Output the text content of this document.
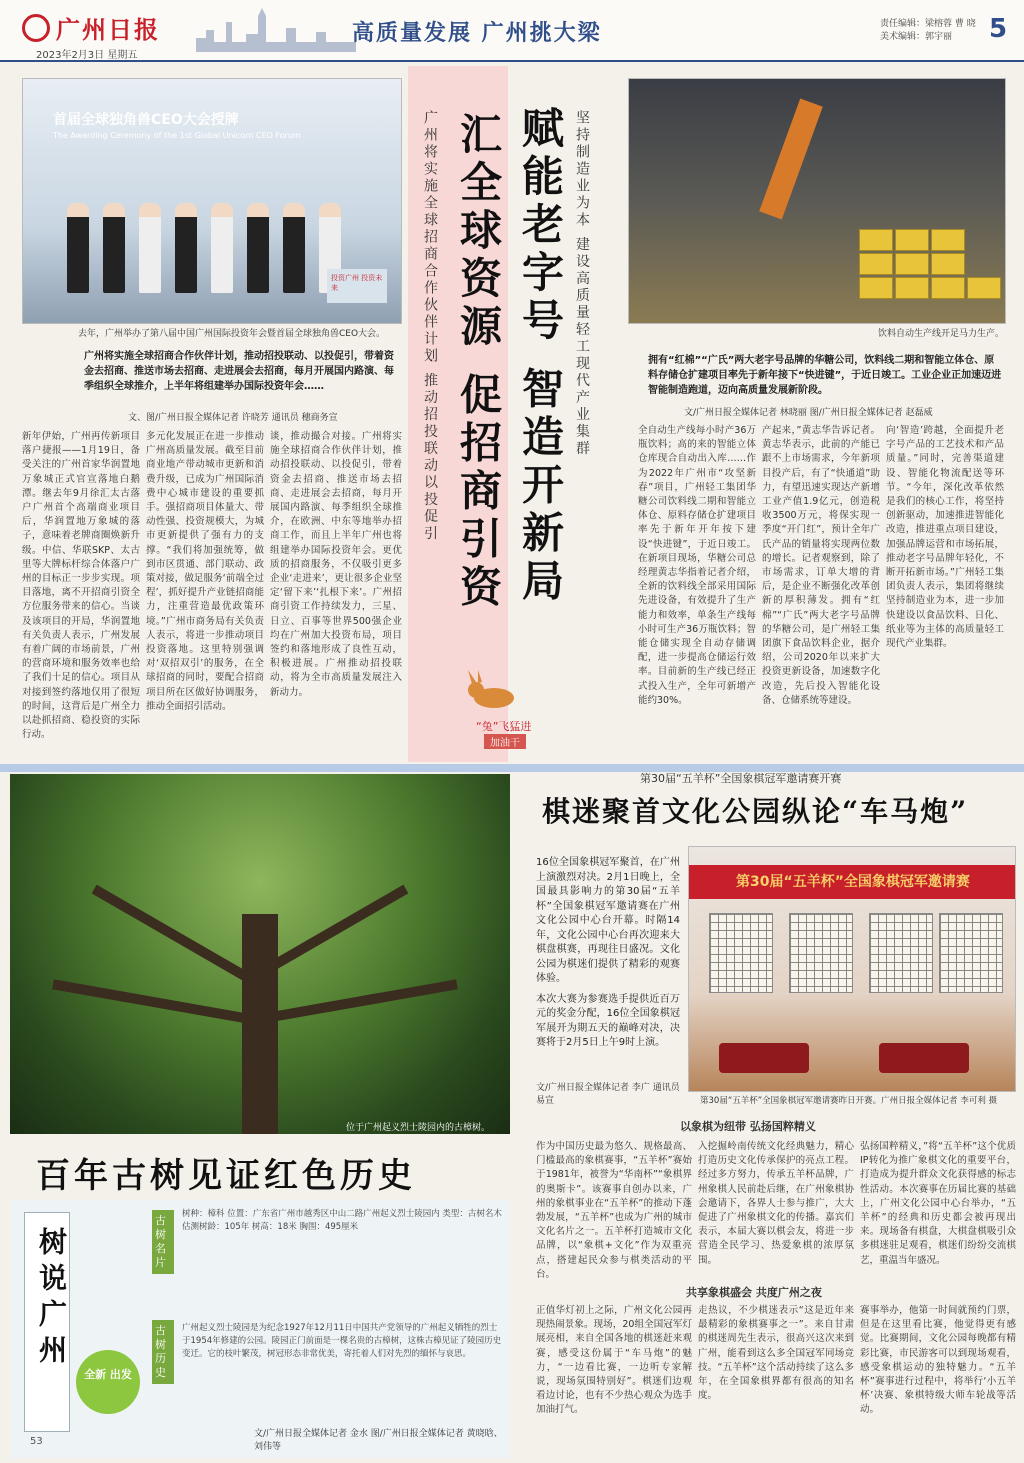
广州日报
2023年2月3日 星期五
高质量发展 广州挑大梁	责任编辑：梁榕蓉 曹 晓
美术编辑：郭宇丽	5
首届全球独角兽CEO大会授牌
The Awarding Ceremony of the 1st Global Unicorn CEO Forum
投资广州 投资未来
去年，广州举办了第八届中国广州国际投资年会暨首届全球独角兽CEO大会。
广州将实施全球招商合作伙伴计划，推动招投联动、以投促引，带着资金去招商、推送市场去招商、走进展会去招商，每月开展国内路演、每季组织全球推介，上半年将组建举办国际投资年会……
文、图/广州日报全媒体记者 许晓芳 通讯员 穗商务宣
新年伊始，广州再传新项目落户捷报——1月19日，备受关注的广州首家华润置地万象城正式官宣落地白鹅潭。继去年9月徐汇太古落户广州首个高端商业项目后，华润置地万象城的落子，意味着老牌商圈焕新升级。中信、华联SKP、太古里等大牌标杆综合体落户广州的目标正一步步实现。项目落地，离不开招商引资全方位服务带来的信心。当谈及该项目的开局，华润置地有关负责人表示，广州发展有着广阔的市场前景，广州的营商环境和服务效率也给了我们十足的信心。项目从对接到签约落地仅用了很短的时间，这背后是广州全力以赴抓招商、稳投资的实际行动。
多元化发展正在进一步推动广州高质量发展。截至目前商业地产带动城市更新和消费升级，已成为广州国际消费中心城市建设的重要抓手。强招商项目体量大、带动性强、投资规模大，为城市更新提供了强有力的支撑。“我们将加强统筹，做到市区贯通、部门联动、政策对接，做足服务‘前端全过程’，抓好提升产业链招商能力，注重营造最优政策环境。”广州市商务局有关负责人表示，将进一步推动项目投资落地。这里特别强调对‘双招双引’的服务，在全球招商的同时，要配合招商项目所在区做好协调服务，推动全面招引活动。
谈，推动撮合对接。广州将实施全球招商合作伙伴计划，推动招投联动、以投促引，带着资金去招商、推送市场去招商、走进展会去招商，每月开展国内路演、每季组织全球推介，在欧洲、中东等地举办招商工作，而且上半年广州也将组建举办国际投资年会。更优质的招商服务，不仅吸引更多企业‘走进来’，更让很多企业坚定‘留下来’‘扎根下来’。广州招商引资工作持续发力，三星、日立、百事等世界500强企业均在广州加大投资布局，项目签约和落地形成了良性互动，积极进展。广州推动招投联动，将为全市高质量发展注入新动力。
广州将实施全球招商合作伙伴计划 推动招投联动以投促引 汇全球资源 促招商引资 赋能老字号 智造开新局 坚持制造业为本 建设高质量轻工现代产业集群
“兔”飞猛进
加油干
饮料自动生产线开足马力生产。
拥有“红棉”“广氏”两大老字号品牌的华糖公司，饮料线二期和智能立体仓、原料存储仓扩建项目率先于新年接下“快进键”，于近日竣工。工业企业正加速迈进智能制造跑道，迈向高质量发展新阶段。
文/广州日报全媒体记者 林晓丽 图/广州日报全媒体记者 赵磊威
全自动生产线每小时产36万瓶饮料；高的来的智能立体仓库现合自动出入库……作为2022年广州市“攻坚新春”项目，广州轻工集团华糖公司饮料线二期和智能立体仓、原料存储仓扩建项目率先于新年开年按下建设“快进键”，于近日竣工。在新项目现场，华糖公司总经理黄志华指着记者介绍，全新的饮料线全部采用国际先进设备，有效提升了生产能力和效率，单条生产线每小时可生产36万瓶饮料；智能仓储实现全自动存储调配，进一步提高仓储运行效率。目前新的生产线已经正式投入生产，全年可新增产能约30%。
产起来，”黄志华告诉记者。黄志华表示，此前的产能已跟不上市场需求，今年新项目投产后，有了“快通道”助力，有望迅速实现达产新增工业产值1.9亿元，创造税收3500万元，将保实现一季度“开门红”，预计全年广氏产品的销量将实现两位数的增长。记者观察到，除了市场需求，订单大增的背后，是企业不断强化改革创新的厚积薄发。拥有“红棉”“广氏”两大老字号品牌的华糖公司，是广州轻工集团旗下食品饮料企业，据介绍，公司2020年以来扩大投资更新设备，加速数字化改造，先后投入智能化设备、仓储系统等建设。
向‘智造’跨越，全面提升老字号产品的工艺技术和产品质量。”同时，完善渠道建设、智能化物流配送等环节。“今年，深化改革依然是我们的核心工作，将坚持创新驱动，加速推进智能化改造，推进重点项目建设，加强品牌运营和市场拓展，推动老字号品牌年轻化，不断开拓新市场。”广州轻工集团负责人表示，集团将继续坚持制造业为本，进一步加快建设以食品饮料、日化、纸业等为主体的高质量轻工现代产业集群。
位于广州起义烈士陵园内的古樟树。
百年古树见证红色历史
树说广州
53
全新 出发
古树名片
古树历史
树种：樟科 位置：广东省广州市越秀区中山二路广州起义烈士陵园内 类型：古树名木 估测树龄：105年 树高：18米 胸围：495厘米
广州起义烈士陵园是为纪念1927年12月11日中国共产党领导的广州起义牺牲的烈士于1954年修建的公园。陵园正门前面是一棵名贵的古樟树，这株古樟见证了陵园历史变迁。它的枝叶繁茂，树冠形态非常优美，寄托着人们对先烈的缅怀与哀思。
文/广州日报全媒体记者 金水 图/广州日报全媒体记者 黄晓晗、刘伟等
第30届“五羊杯”全国象棋冠军邀请赛开赛
棋迷聚首文化公园纵论“车马炮”
16位全国象棋冠军聚首，在广州上演激烈对决。2月1日晚上，全国最具影响力的第30届“五羊杯”全国象棋冠军邀请赛在广州文化公园中心台开幕。时隔14年，文化公园中心台再次迎来大棋盘棋赛，再现往日盛况。文化公园为棋迷们提供了精彩的观赛体验。
本次大赛为参赛选手提供近百万元的奖金分配，16位全国象棋冠军展开为期五天的巅峰对决，决赛将于2月5日上午9时上演。
文/广州日报全媒体记者 李广 通讯员 易宣
第30届“五羊杯”全国象棋冠军邀请赛
第30届“五羊杯”全国象棋冠军邀请赛昨日开赛。广州日报全媒体记者 李可利 摄
以象棋为纽带 弘扬国粹精义
作为中国历史最为悠久、规格最高、门槛最高的象棋赛事，“五羊杯”赛始于1981年，被誉为“华南杯”“象棋界的奥斯卡”。该赛事自创办以来，广州的象棋事业在“五羊杯”的推动下蓬勃发展，“五羊杯”也成为广州的城市文化名片之一。五羊杯打造城市文化品牌，以“象棋+文化”作为双重亮点，搭建起民众参与棋类活动的平台。
入挖掘岭南传统文化经典魅力，精心打造历史文化传承保护的亮点工程。经过多方努力，传承五羊杯品牌，广州象棋人民前赴后继，在广州象棋协会邀请下，各界人士参与推广，大大促进了广州象棋文化的传播。嘉宾们表示，本届大赛以棋会友，将进一步营造全民学习、热爱象棋的浓厚氛围。
弘扬国粹精义，”将“五羊杯”这个优质IP转化为推广象棋文化的重要平台，打造成为提升群众文化获得感的标志性活动。本次赛事在历届比赛的基础上，广州文化公园中心台举办，“五羊杯”的经典和历史都会被再现出来。现场备有棋盘，大棋盘棋吸引众多棋迷驻足观看，棋迷们纷纷交流棋艺，重温当年盛况。
共享象棋盛会 共度广州之夜
正值华灯初上之际，广州文化公园再现热闹景象。现场，20组全国冠军灯展亮相，来自全国各地的棋迷赶来观赛，感受这份属于“车马炮”的魅力，“一边看比赛，一边听专家解说，现场氛围特别好”。棋迷们边观看边讨论，也有不少热心观众为选手加油打气。
走热议，不少棋迷表示“这是近年来最精彩的象棋赛事之一”。来自甘肃的棋迷周先生表示，很高兴这次来到广州，能看到这么多全国冠军同场竞技。“五羊杯”这个活动持续了这么多年，在全国象棋界都有很高的知名度。
赛事举办，他第一时间就预约门票，但是在这里看比赛，他觉得更有感觉。比赛期间，文化公园每晚都有精彩比赛，市民游客可以到现场观看，感受象棋运动的独特魅力。“五羊杯”赛事进行过程中，将举行‘小五羊杯’决赛、象棋特级大师车轮战等活动。
